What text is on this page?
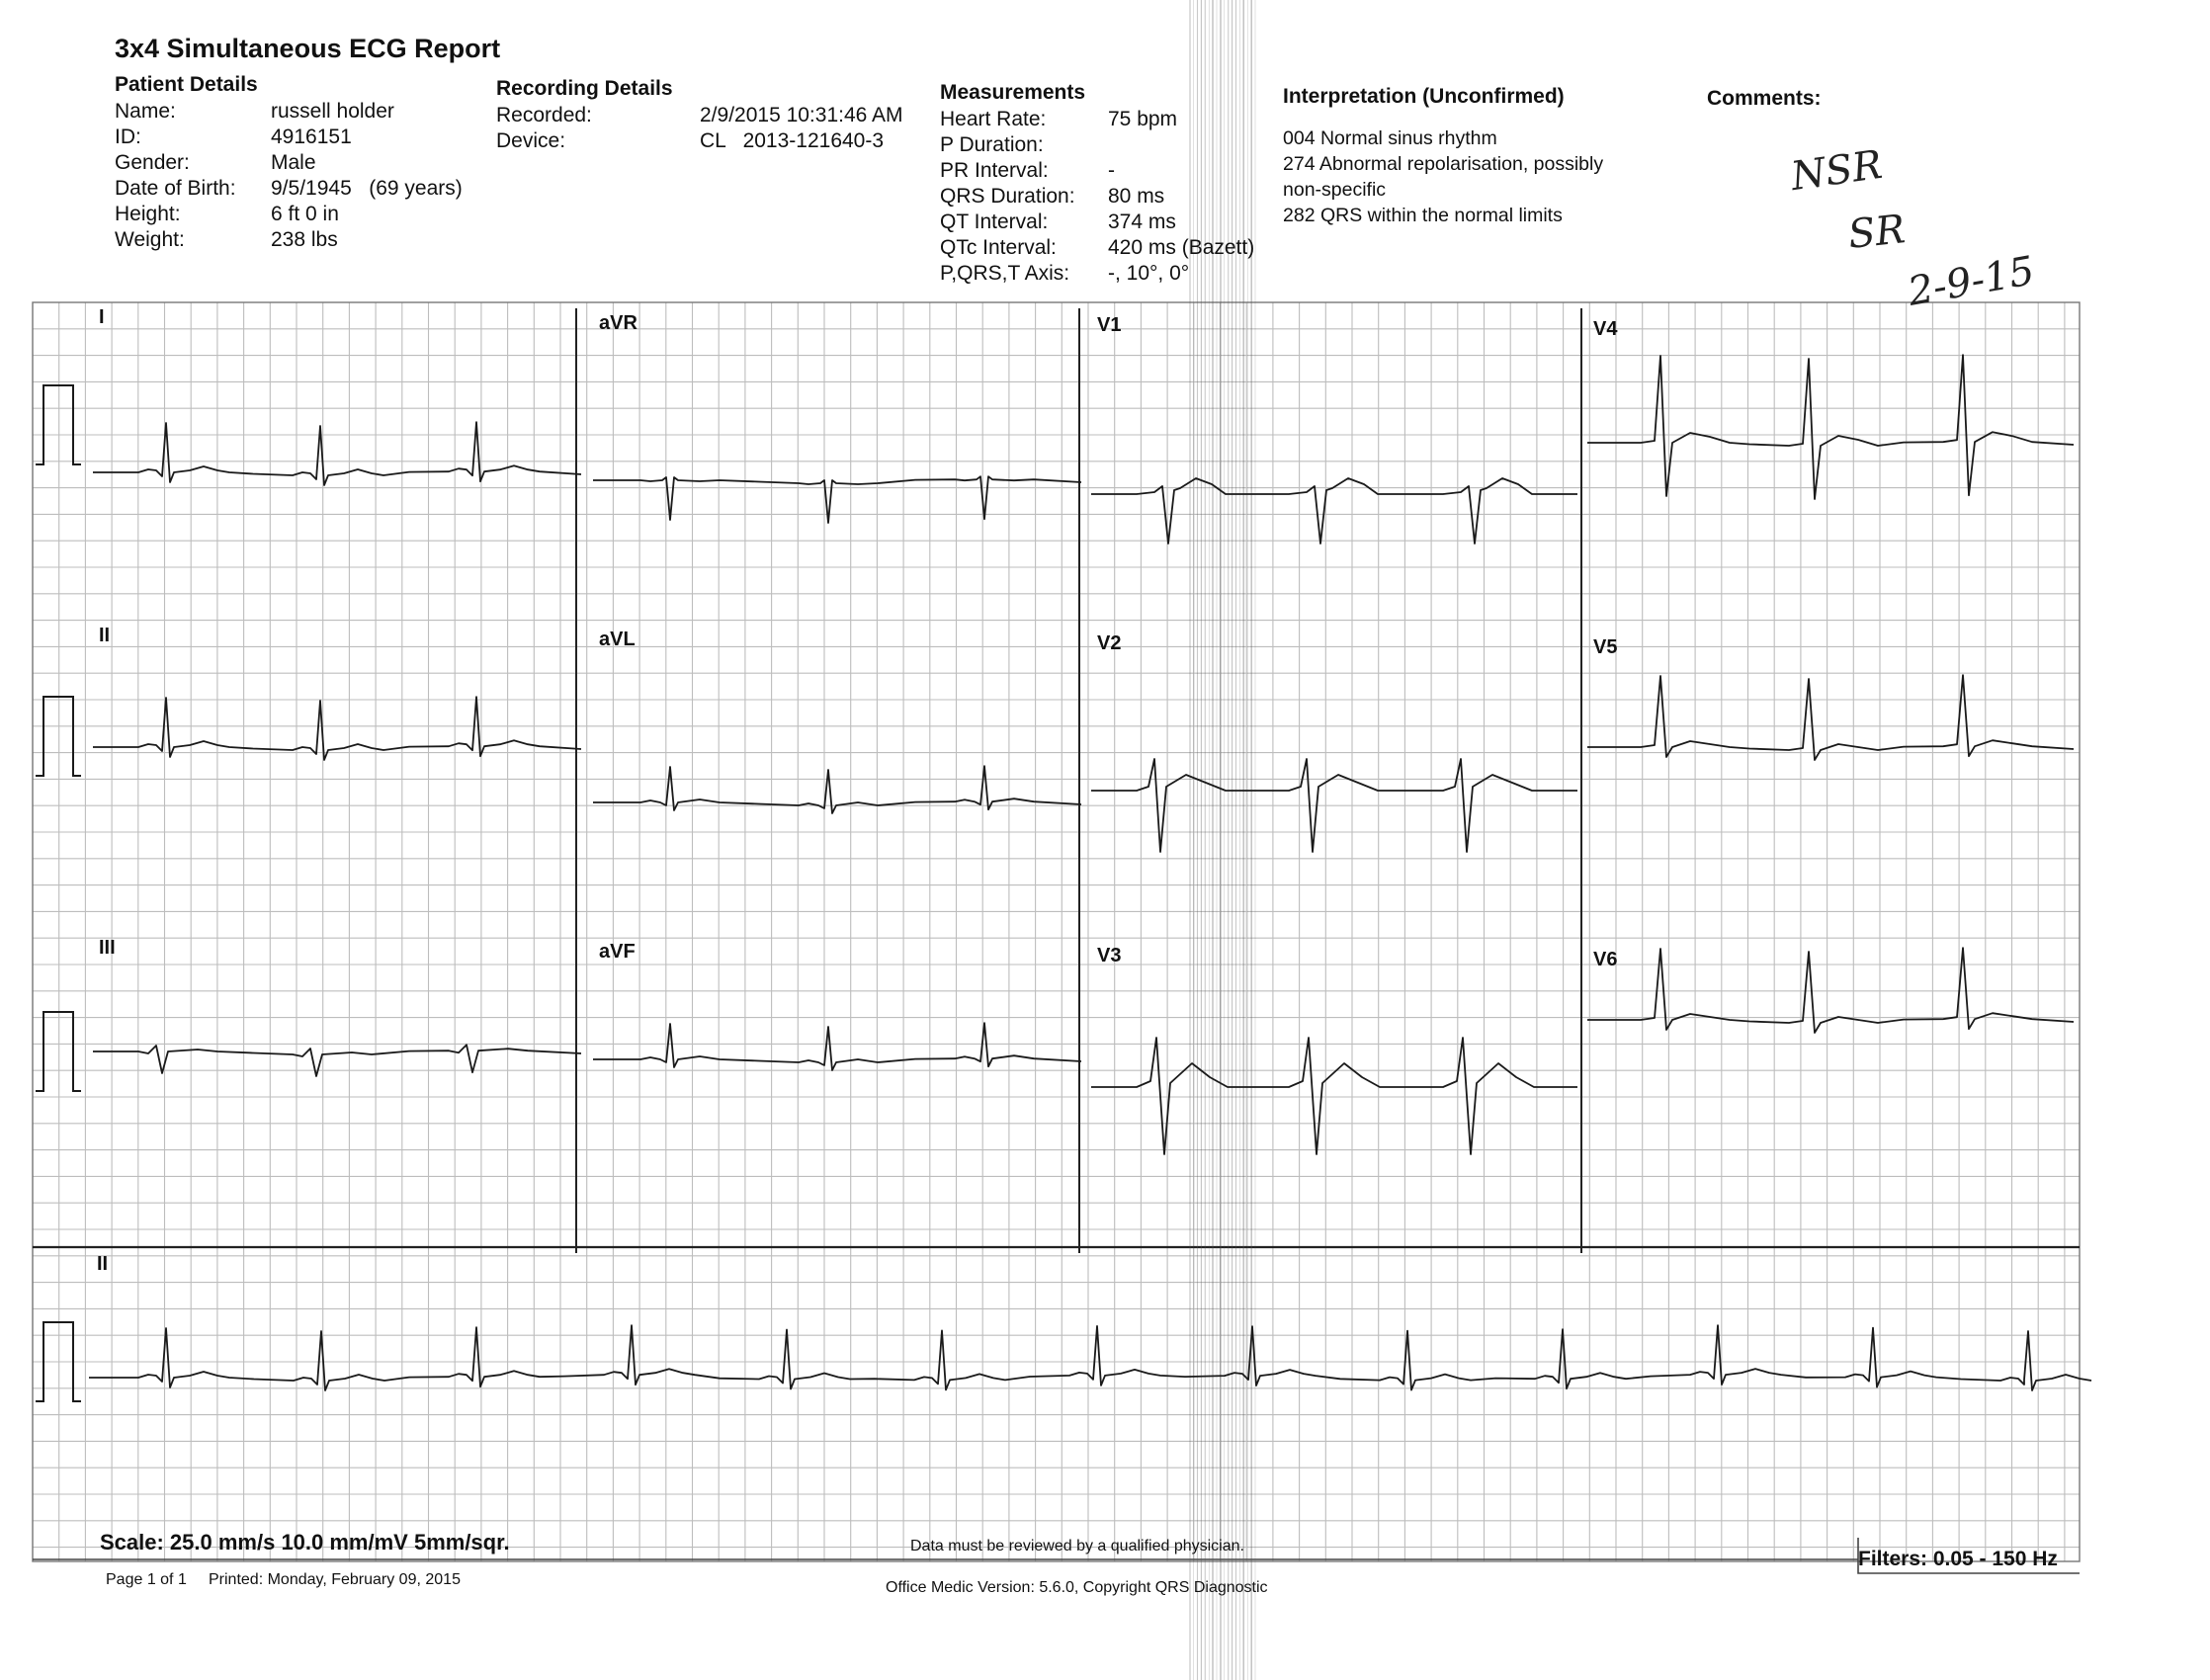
3x4 Simultaneous ECG Report
Patient Details
Name:	russell holder
ID:	4916151
Gender:	Male
Date of Birth: 9/5/1945   (69 years)
Height:	6 ft 0 in
Weight:	238 lbs
Recording Details
Recorded:	2/9/2015 10:31:46 AM
Device:	CL   2013-121640-3
Measurements
Heart Rate:	75 bpm
P Duration:
PR Interval:	-
QRS Duration: 80 ms
QT Interval:	374 ms
QTc Interval: 420 ms (Bazett)
P,QRS,T Axis: -, 10°, 0°
Interpretation (Unconfirmed)
004 Normal sinus rhythm
274 Abnormal repolarisation, possibly
non-specific
282 QRS within the normal limits
Comments:
NSR
SR
2-9-15
I	aVR	V1	V4
II	aVL	V2	V5
III	aVF	V3	V6
II
Scale: 25.0 mm/s 10.0 mm/mV 5mm/sqr.	Data must be reviewed by a qualified physician.
Filters: 0.05 - 150 Hz
Page 1 of 1 Printed: Monday, February 09, 2015	Office Medic Version: 5.6.0, Copyright QRS Diagnostic
